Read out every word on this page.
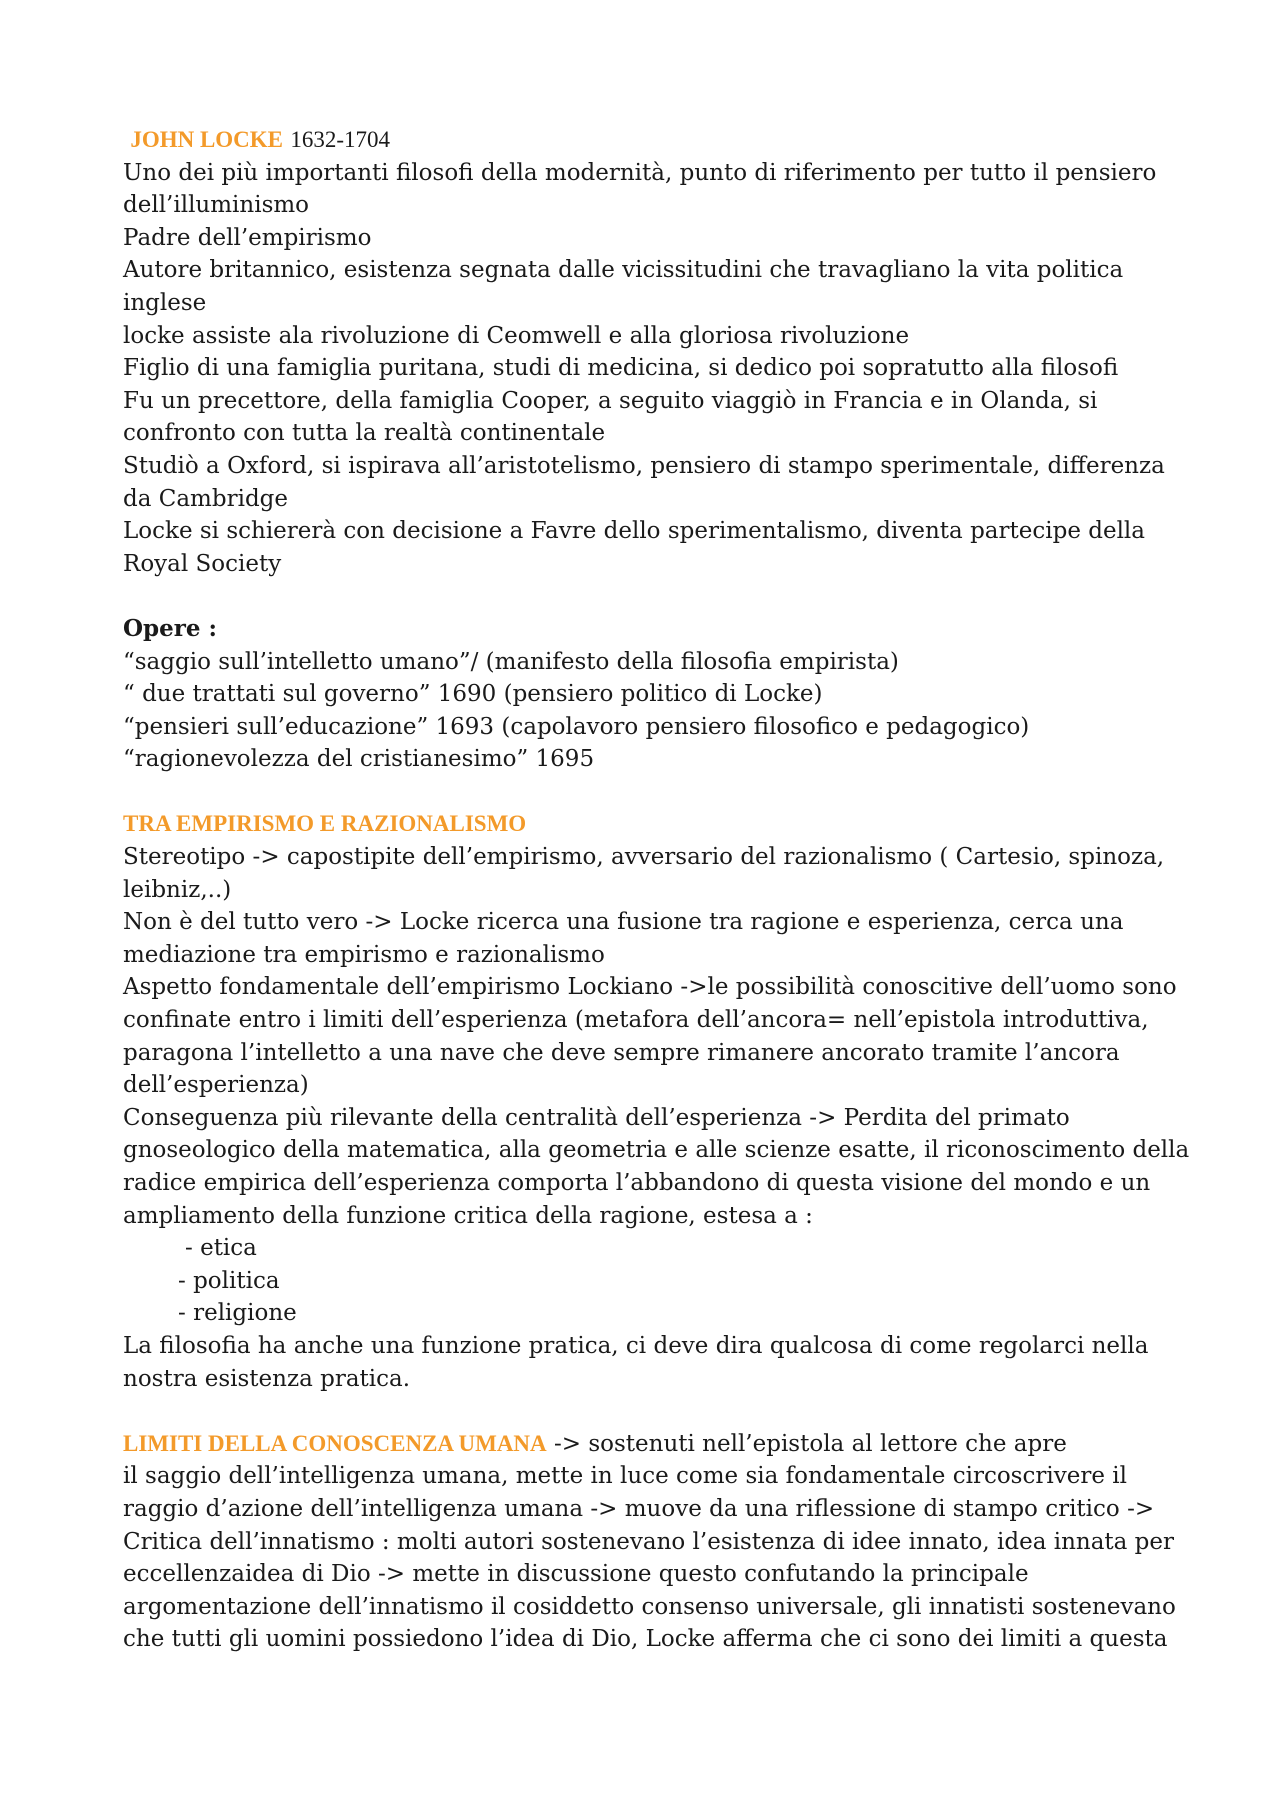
JOHN LOCKE 1632-1704
Uno dei più importanti filosofi della modernità, punto di riferimento per tutto il pensiero
dell’illuminismo
Padre dell’empirismo
Autore britannico, esistenza segnata dalle vicissitudini che travagliano la vita politica
inglese
locke assiste ala rivoluzione di Ceomwell e alla gloriosa rivoluzione
Figlio di una famiglia puritana, studi di medicina, si dedico poi sopratutto alla filosofi
Fu un precettore, della famiglia Cooper, a seguito viaggiò in Francia e in Olanda, si
confronto con tutta la realtà continentale
Studiò a Oxford, si ispirava all’aristotelismo, pensiero di stampo sperimentale, differenza
da Cambridge
Locke si schiererà con decisione a Favre dello sperimentalismo, diventa partecipe della
Royal Society
Opere :
“saggio sull’intelletto umano”/ (manifesto della filosofia empirista)
“ due trattati sul governo” 1690 (pensiero politico di Locke)
“pensieri sull’educazione” 1693 (capolavoro pensiero filosofico e pedagogico)
“ragionevolezza del cristianesimo” 1695
TRA EMPIRISMO E RAZIONALISMO
Stereotipo -> capostipite dell’empirismo, avversario del razionalismo ( Cartesio, spinoza,
leibniz,..)
Non è del tutto vero -> Locke ricerca una fusione tra ragione e esperienza, cerca una
mediazione tra empirismo e razionalismo
Aspetto fondamentale dell’empirismo Lockiano ->le possibilità conoscitive dell’uomo sono
confinate entro i limiti dell’esperienza (metafora dell’ancora= nell’epistola introduttiva,
paragona l’intelletto a una nave che deve sempre rimanere ancorato tramite l’ancora
dell’esperienza)
Conseguenza più rilevante della centralità dell’esperienza -> Perdita del primato
gnoseologico della matematica, alla geometria e alle scienze esatte, il riconoscimento della
radice empirica dell’esperienza comporta l’abbandono di questa visione del mondo e un
ampliamento della funzione critica della ragione, estesa a :
- etica
- politica
- religione
La filosofia ha anche una funzione pratica, ci deve dira qualcosa di come regolarci nella
nostra esistenza pratica.
LIMITI DELLA CONOSCENZA UMANA -> sostenuti nell’epistola al lettore che apre
il saggio dell’intelligenza umana, mette in luce come sia fondamentale circoscrivere il
raggio d’azione dell’intelligenza umana -> muove da una riflessione di stampo critico ->
Critica dell’innatismo : molti autori sostenevano l’esistenza di idee innato, idea innata per
eccellenzaidea di Dio -> mette in discussione questo confutando la principale
argomentazione dell’innatismo il cosiddetto consenso universale, gli innatisti sostenevano
che tutti gli uomini possiedono l’idea di Dio, Locke afferma che ci sono dei limiti a questa
